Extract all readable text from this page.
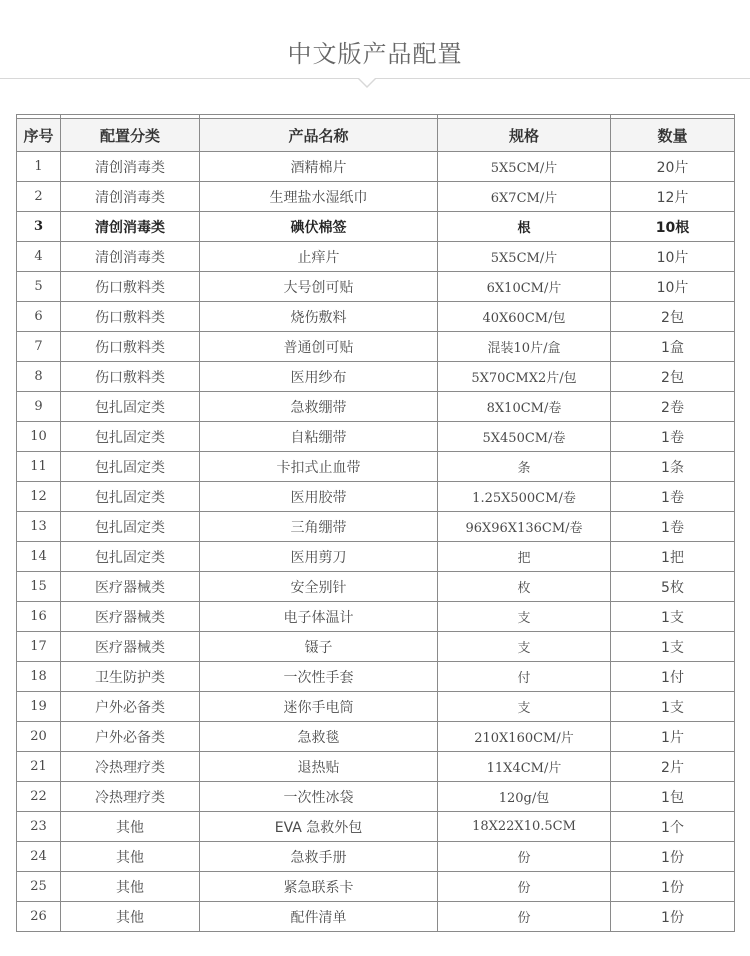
中文版产品配置

序号	配置分类	产品名称	规格	数量
1	清创消毒类	酒精棉片	5X5CM/片	20片
2	清创消毒类	生理盐水湿纸巾	6X7CM/片	12片
3	清创消毒类	碘伏棉签	根	10根
4	清创消毒类	止痒片	5X5CM/片	10片
5	伤口敷料类	大号创可贴	6X10CM/片	10片
6	伤口敷料类	烧伤敷料	40X60CM/包	2包
7	伤口敷料类	普通创可贴	混装10片/盒	1盒
8	伤口敷料类	医用纱布	5X70CMX2片/包	2包
9	包扎固定类	急救绷带	8X10CM/卷	2卷
10	包扎固定类	自粘绷带	5X450CM/卷	1卷
11	包扎固定类	卡扣式止血带	条	1条
12	包扎固定类	医用胶带	1.25X500CM/卷	1卷
13	包扎固定类	三角绷带	96X96X136CM/卷	1卷
14	包扎固定类	医用剪刀	把	1把
15	医疗器械类	安全别针	枚	5枚
16	医疗器械类	电子体温计	支	1支
17	医疗器械类	镊子	支	1支
18	卫生防护类	一次性手套	付	1付
19	户外必备类	迷你手电筒	支	1支
20	户外必备类	急救毯	210X160CM/片	1片
21	冷热理疗类	退热贴	11X4CM/片	2片
22	冷热理疗类	一次性冰袋	120g/包	1包
23	其他	EVA 急救外包	18X22X10.5CM	1个
24	其他	急救手册	份	1份
25	其他	紧急联系卡	份	1份
26	其他	配件清单	份	1份
